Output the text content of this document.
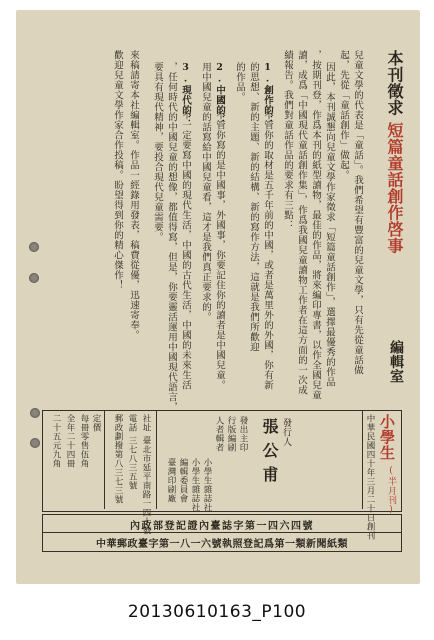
本刊徵求
短篇童話創作啓事
編輯室
兒童文學的代表是「童話」。我們希望有豐富的兒童文學，只有先從童話做
起，先從「童話創作」做起。
因此，本刊誠懇向兒童文學作家徵求「短篇童話創作」，選擇最優秀的作品
，按期刊登，作爲本刊的紙型讀物，最佳的作品，將來編印專書，以作全國兒童
讀，成爲「中國現代童話創作集」，作爲我國兒童讀物工作者在這方面的一次成
績報告。我們對童話作品的要求有三點：
1.創作的：
不管你的取材是五千年前的中國，或者是萬里外的外國，你有新
的思想、新的主題、新的結構、新的寫作方法，這就是我們所歡迎
的作品。
2.中國的：
不管你寫的是中國事，外國事，你要記住你的讀者是中國兒童。
用中國兒童的話寫給中國兒童看，這才是我們真正要求的。
3.現代的：
不一定要寫中國的現代生活，中國的古代生活，中國的未來生活
，任何時代的中國兒童的想像，都值得寫，但是，你要靈活運用中國現代語言，
要具有現代精神，要投合現代兒童需要。
來稿請寄本社編輯室。作品一經錄用發表，稿費從優，迅速寄奉。
歡迎兒童文學作家合作投稿。盼望得到你的精心傑作！
小學生
(半月刊)
中華民國四十年三月二十日創刊
發行人
張公甫
發出主印
行版編刷
人者輯者
小學生雜誌社
小學生雜誌社
編輯委員會
臺灣印刷廠
社址
臺北市延平南路一四十號
電話
三七八三五號
郵政劃撥
第八三七三號
定價
每冊零售伍角
全年二十四冊
二十五元九角
內政部登記證內臺誌字第一四六四號
中華郵政臺字第一八一六號執照登記爲第一類新聞紙類
20130610163_P100
